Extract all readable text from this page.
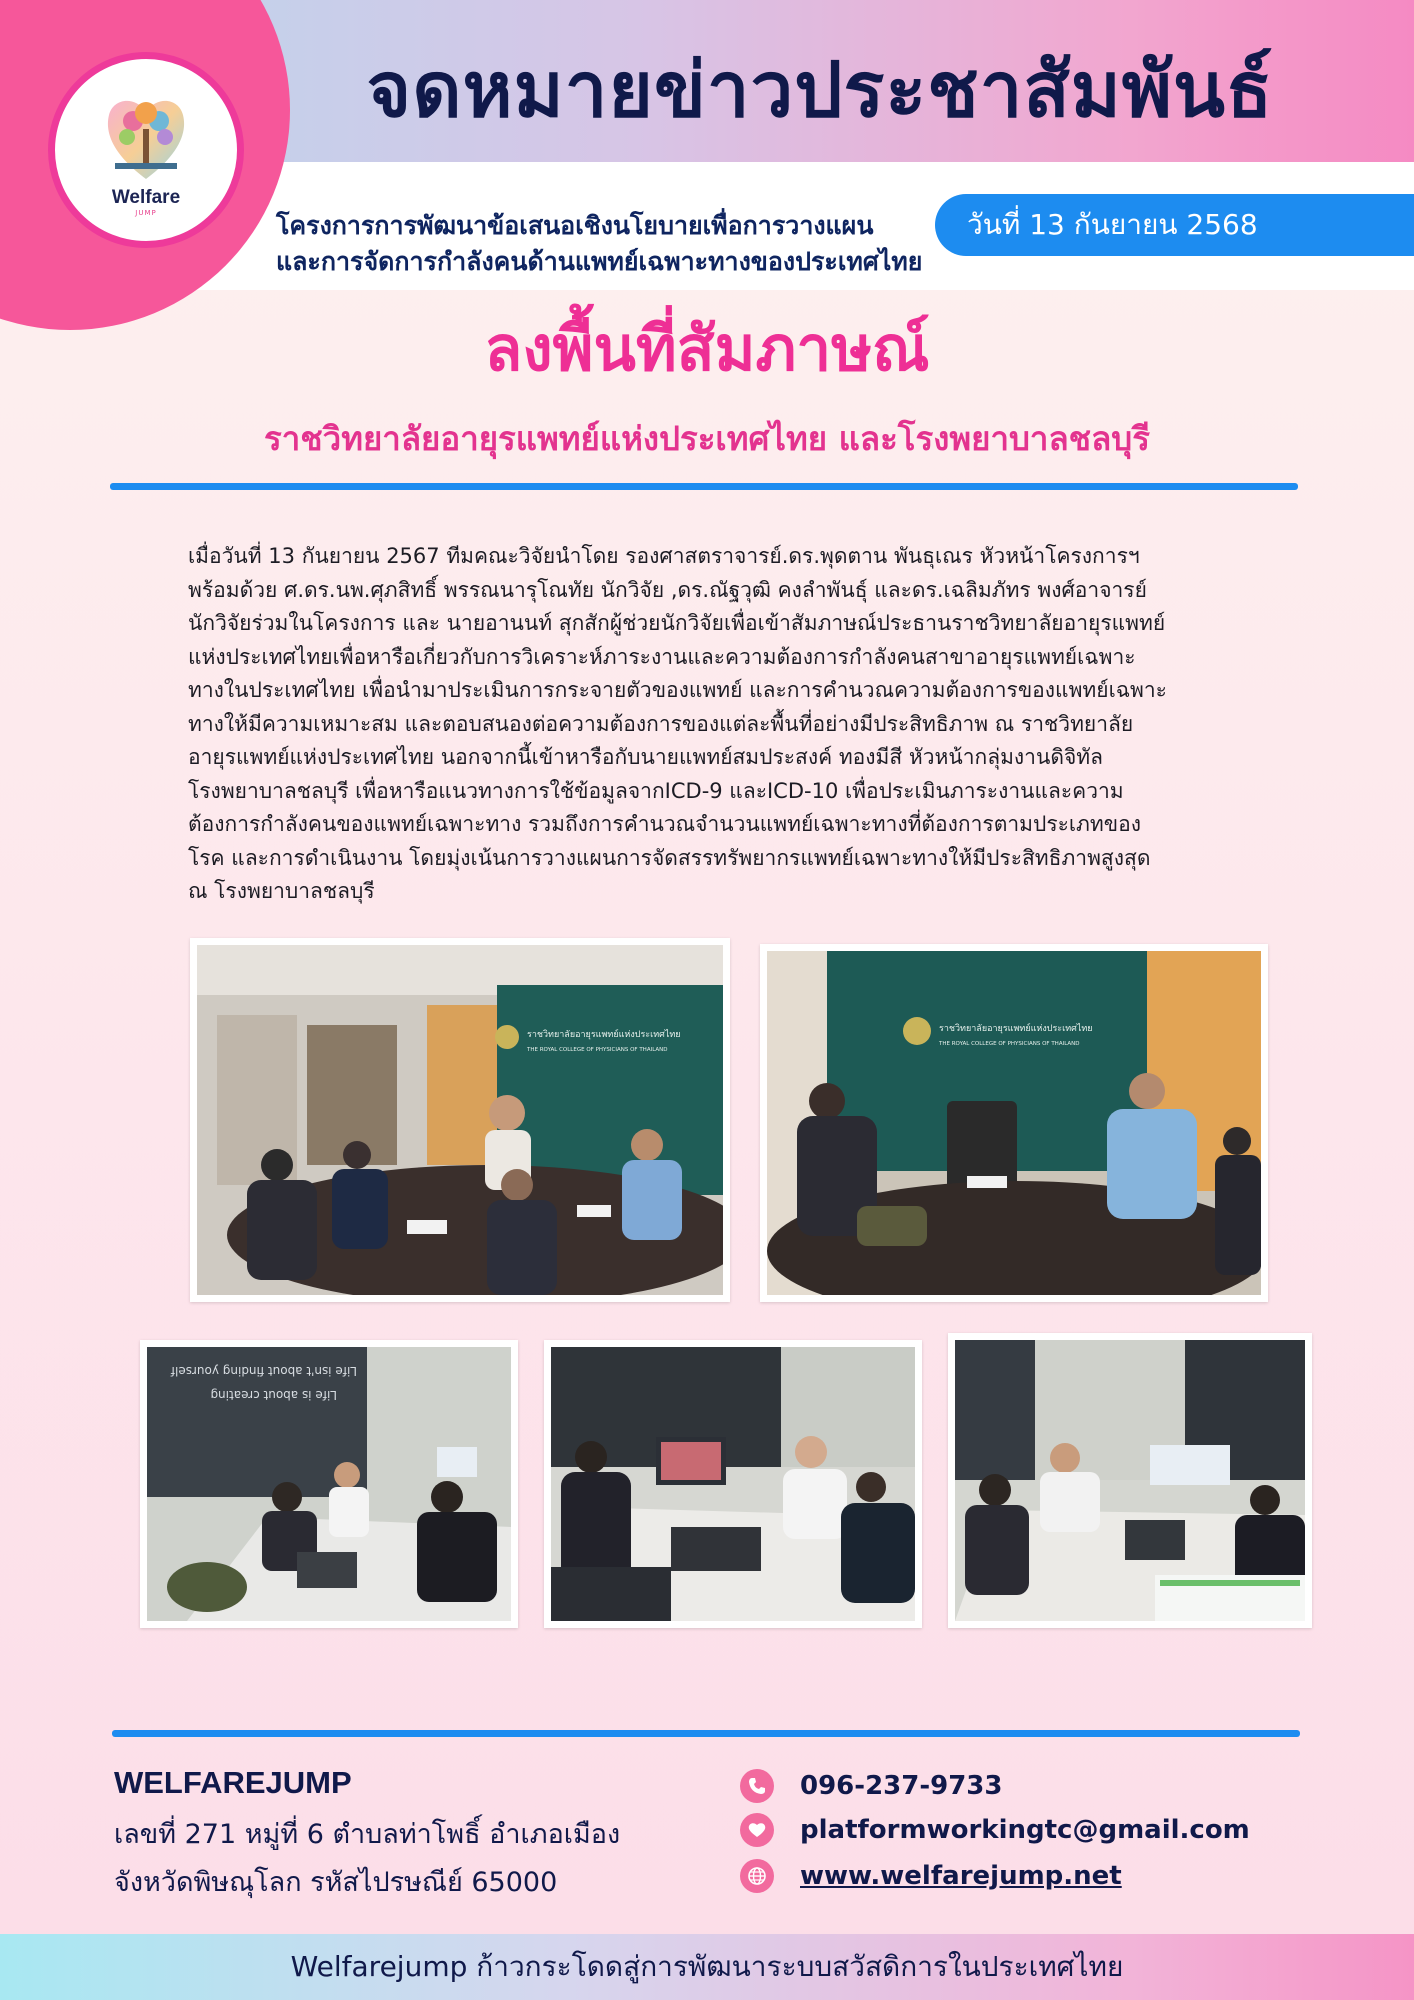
Welfare
JUMP
จดหมายข่าวประชาสัมพันธ์
โครงการการพัฒนาข้อเสนอเชิงนโยบายเพื่อการวางแผน
และการจัดการกำลังคนด้านแพทย์เฉพาะทางของประเทศไทย
วันที่ 13 กันยายน 2568
ลงพื้นที่สัมภาษณ์
ราชวิทยาลัยอายุรแพทย์แห่งประเทศไทย และโรงพยาบาลชลบุรี
เมื่อวันที่ 13 กันยายน 2567 ทีมคณะวิจัยนำโดย รองศาสตราจารย์.ดร.พุดตาน พันธุเณร หัวหน้าโครงการฯ
พร้อมด้วย ศ.ดร.นพ.ศุภสิทธิ์ พรรณนารุโณทัย นักวิจัย ,ดร.ณัฐวุฒิ คงลำพันธุ์ และดร.เฉลิมภัทร พงศ์อาจารย์
นักวิจัยร่วมในโครงการ และ นายอานนท์ สุกสักผู้ช่วยนักวิจัยเพื่อเข้าสัมภาษณ์ประธานราชวิทยาลัยอายุรแพทย์
แห่งประเทศไทยเพื่อหารือเกี่ยวกับการวิเคราะห์ภาระงานและความต้องการกำลังคนสาขาอายุรแพทย์เฉพาะ
ทางในประเทศไทย เพื่อนำมาประเมินการกระจายตัวของแพทย์ และการคำนวณความต้องการของแพทย์เฉพาะ
ทางให้มีความเหมาะสม และตอบสนองต่อความต้องการของแต่ละพื้นที่อย่างมีประสิทธิภาพ ณ ราชวิทยาลัย
อายุรแพทย์แห่งประเทศไทย นอกจากนี้เข้าหารือกับนายแพทย์สมประสงค์ ทองมีสี หัวหน้ากลุ่มงานดิจิทัล
โรงพยาบาลชลบุรี เพื่อหารือแนวทางการใช้ข้อมูลจากICD-9 และICD-10 เพื่อประเมินภาระงานและความ
ต้องการกำลังคนของแพทย์เฉพาะทาง รวมถึงการคำนวณจำนวนแพทย์เฉพาะทางที่ต้องการตามประเภทของ
โรค และการดำเนินงาน โดยมุ่งเน้นการวางแผนการจัดสรรทรัพยากรแพทย์เฉพาะทางให้มีประสิทธิภาพสูงสุด
ณ โรงพยาบาลชลบุรี
ราชวิทยาลัยอายุรแพทย์แห่งประเทศไทย
THE ROYAL COLLEGE OF PHYSICIANS OF THAILAND
ราชวิทยาลัยอายุรแพทย์แห่งประเทศไทย
THE ROYAL COLLEGE OF PHYSICIANS OF THAILAND
Life isn't about finding yourself
Life is about creating
WELFAREJUMP
เลขที่ 271 หมู่ที่ 6 ตำบลท่าโพธิ์ อำเภอเมือง
จังหวัดพิษณุโลก รหัสไปรษณีย์ 65000
096-237-9733
platformworkingtc@gmail.com
www.welfarejump.net
Welfarejump ก้าวกระโดดสู่การพัฒนาระบบสวัสดิการในประเทศไทย
